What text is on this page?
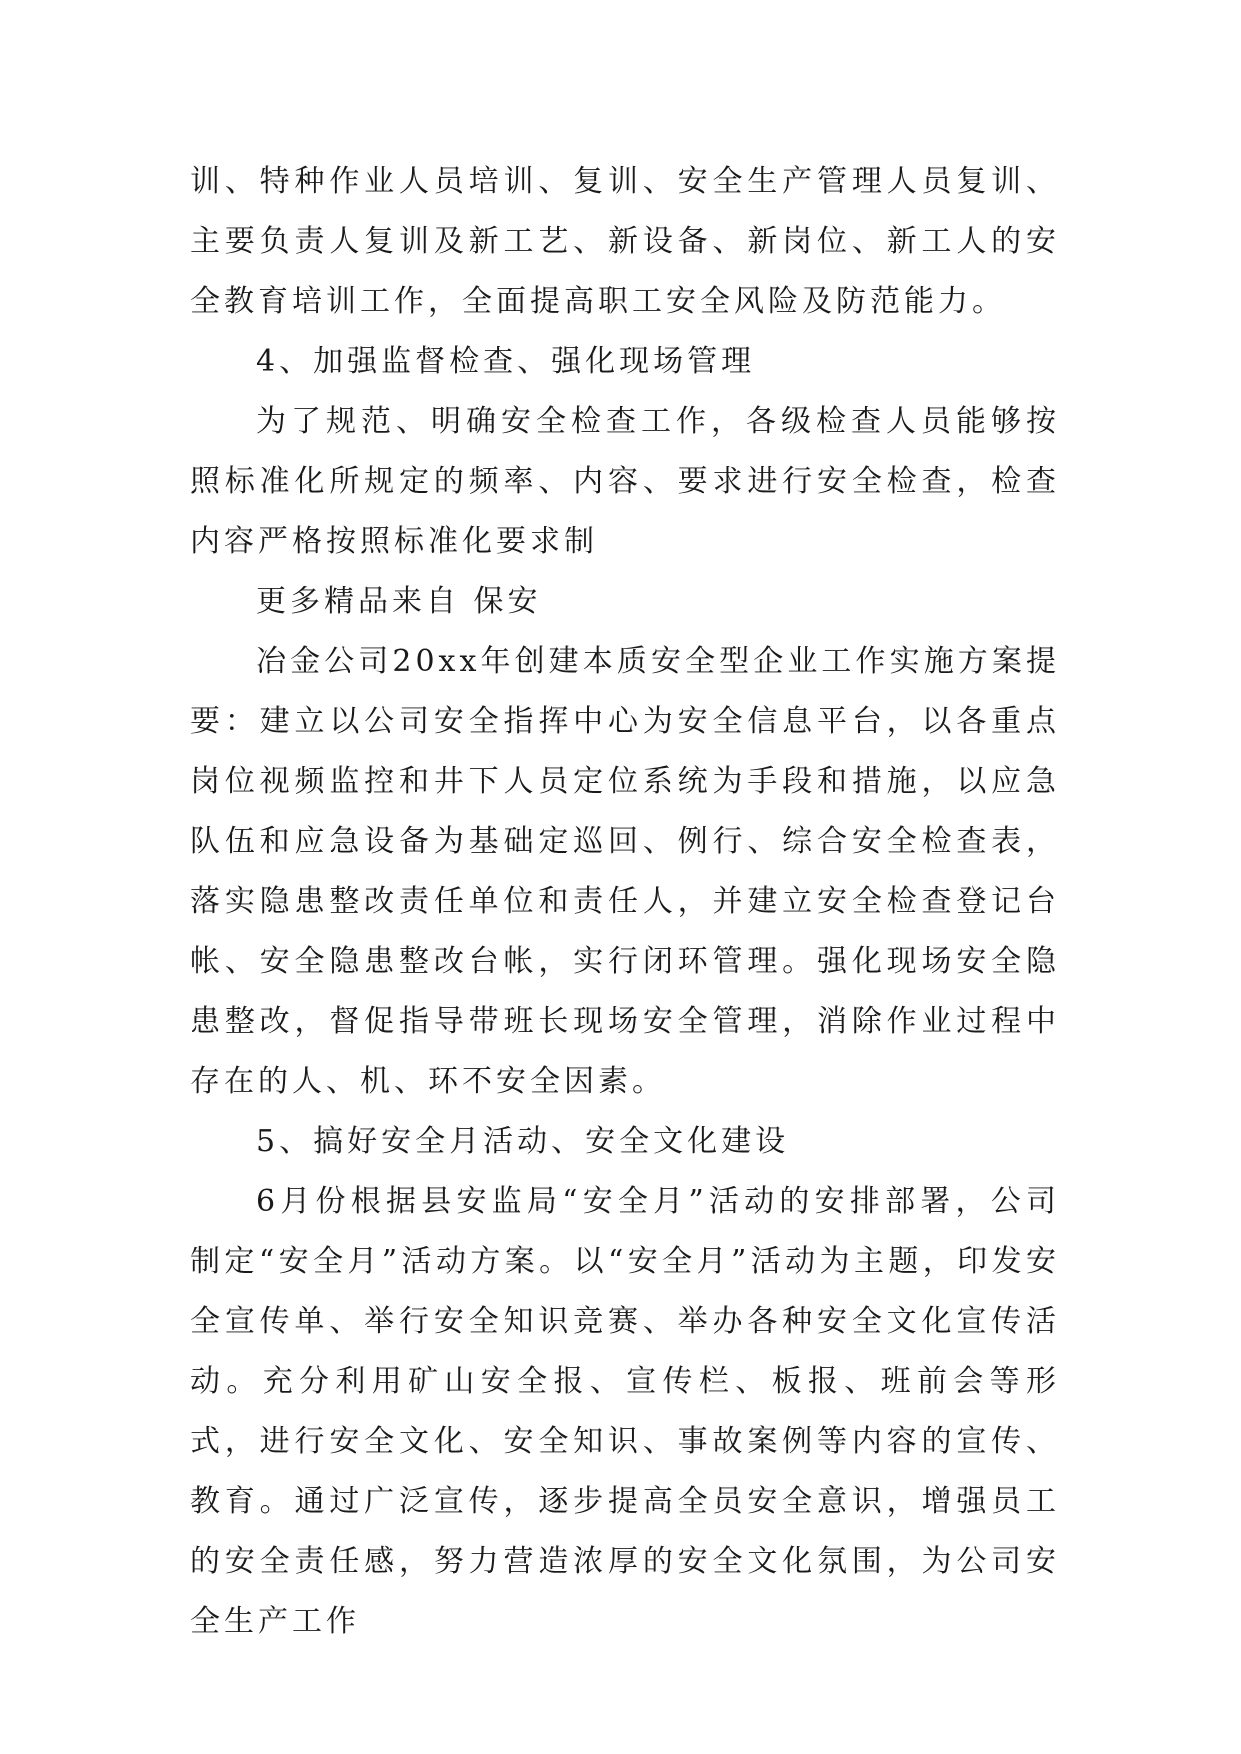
训、特种作业人员培训、复训、安全生产管理人员复训、主要负责人复训及新工艺、新设备、新岗位、新工人的安全教育培训工作，全面提高职工安全风险及防范能力。

4、加强监督检查、强化现场管理

为了规范、明确安全检查工作，各级检查人员能够按照标准化所规定的频率、内容、要求进行安全检查，检查内容严格按照标准化要求制

更多精品来自 保安

冶金公司20xx年创建本质安全型企业工作实施方案提要：建立以公司安全指挥中心为安全信息平台，以各重点岗位视频监控和井下人员定位系统为手段和措施，以应急队伍和应急设备为基础定巡回、例行、综合安全检查表，落实隐患整改责任单位和责任人，并建立安全检查登记台帐、安全隐患整改台帐，实行闭环管理。强化现场安全隐患整改，督促指导带班长现场安全管理，消除作业过程中存在的人、机、环不安全因素。

5、搞好安全月活动、安全文化建设

6月份根据县安监局“安全月”活动的安排部署，公司制定“安全月”活动方案。以“安全月”活动为主题，印发安全宣传单、举行安全知识竞赛、举办各种安全文化宣传活动。充分利用矿山安全报、宣传栏、板报、班前会等形式，进行安全文化、安全知识、事故案例等内容的宣传、教育。通过广泛宣传，逐步提高全员安全意识，增强员工的安全责任感，努力营造浓厚的安全文化氛围，为公司安全生产工作
